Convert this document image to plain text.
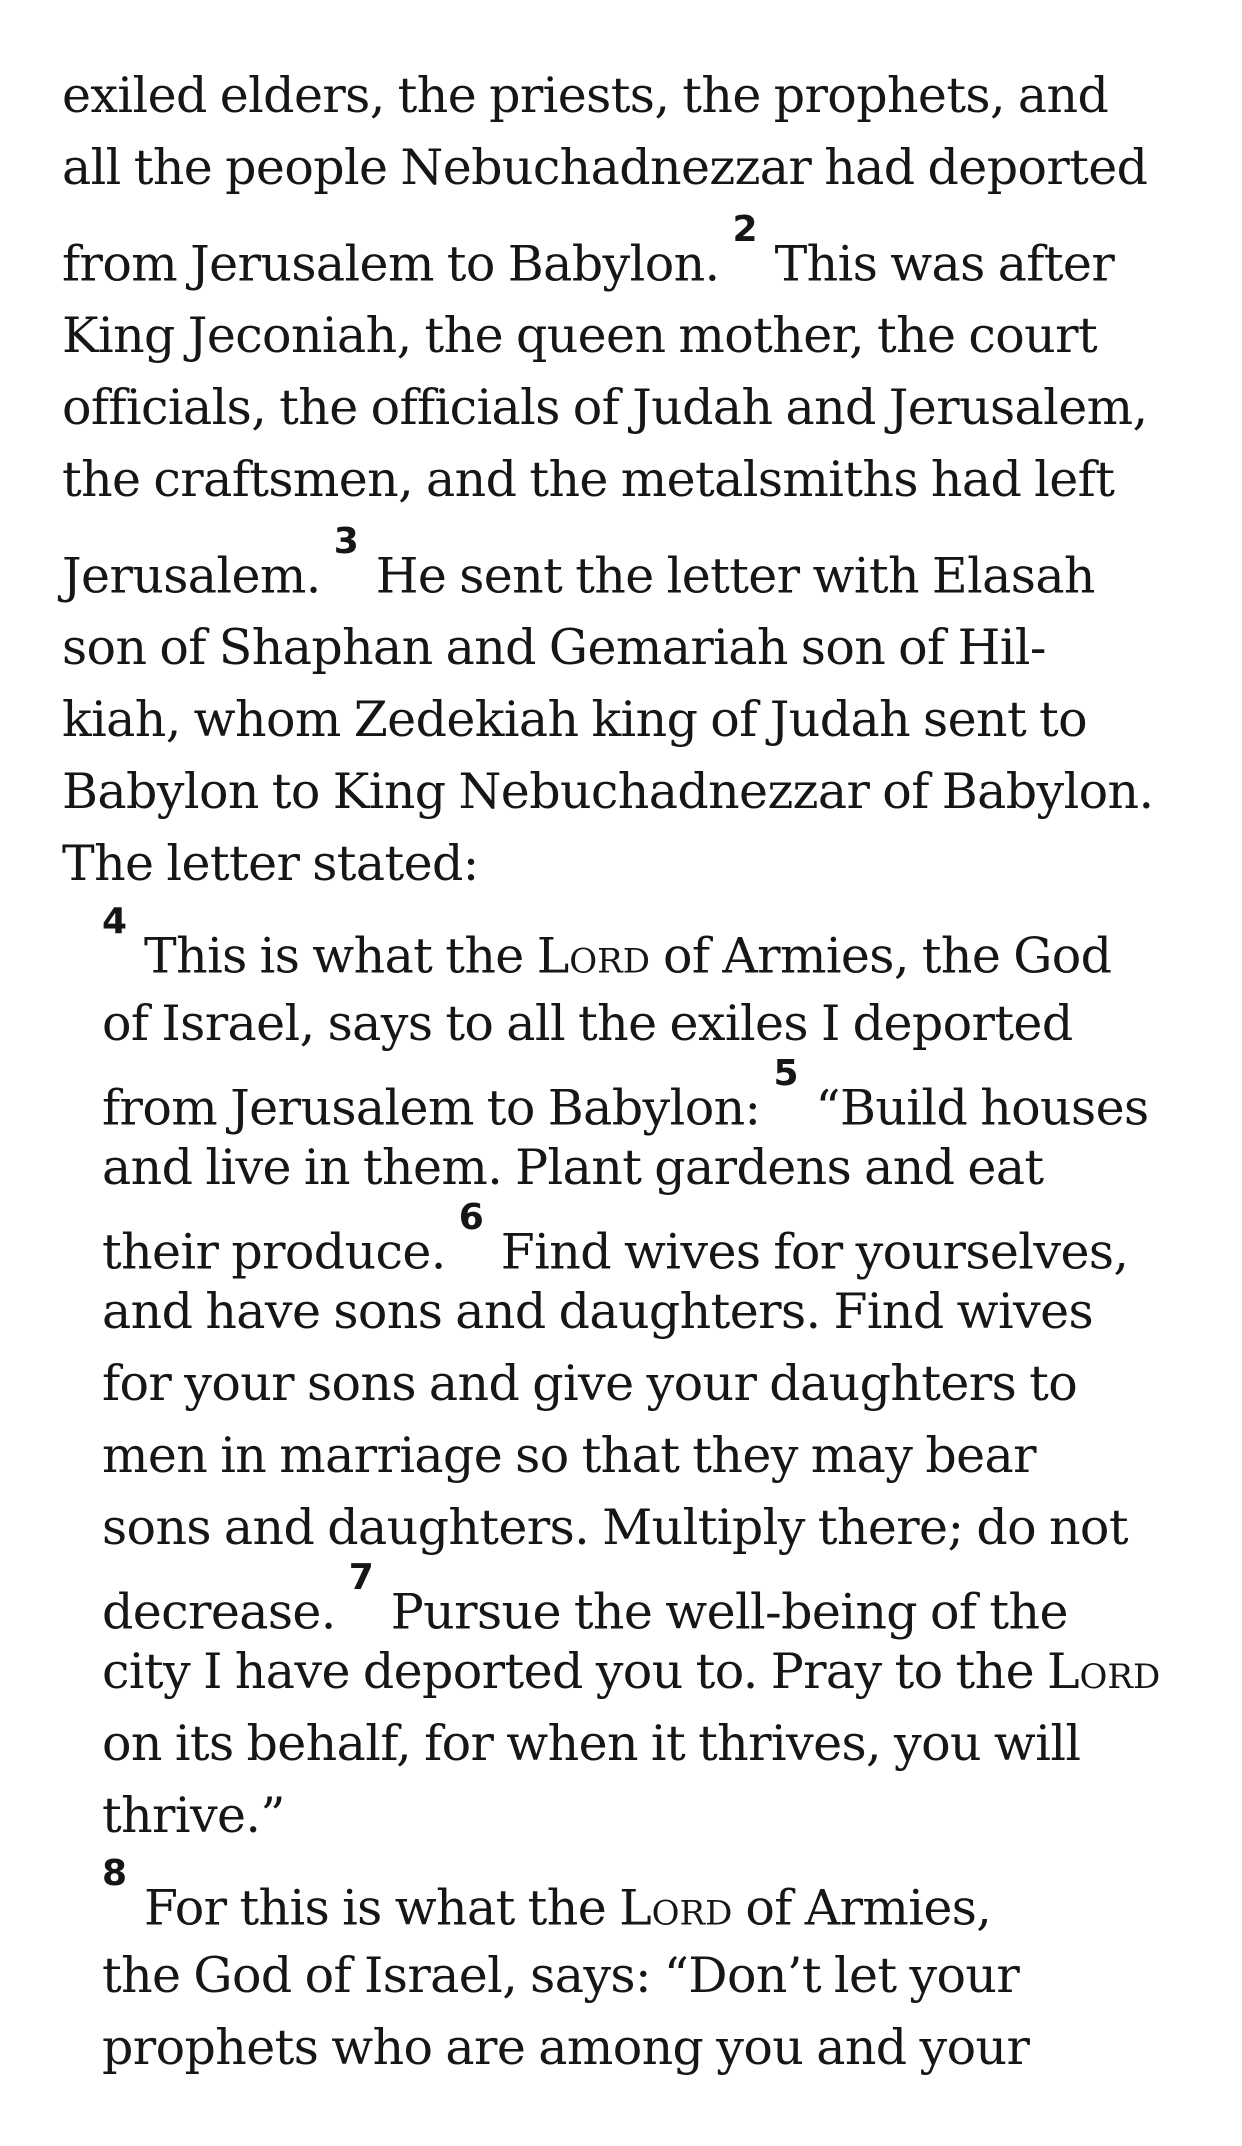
exiled elders, the priests, the prophets, and
all the people Nebuchadnezzar had deported
from Jerusalem to Babylon. $^2$ This was after
King Jeconiah, the queen mother, the court
officials, the officials of Judah and Jerusalem,
the craftsmen, and the metalsmiths had left
Jerusalem. $^3$ He sent the letter with Elasah
son of Shaphan and Gemariah son of Hil-
kiah, whom Zedekiah king of Judah sent to
Babylon to King Nebuchadnezzar of Babylon.
The letter stated:
$^4$ This is what the Lord of Armies, the God
of Israel, says to all the exiles I deported
from Jerusalem to Babylon: $^5$ “Build houses
and live in them. Plant gardens and eat
their produce. $^6$ Find wives for yourselves,
and have sons and daughters. Find wives
for your sons and give your daughters to
men in marriage so that they may bear
sons and daughters. Multiply there; do not
decrease. $^7$ Pursue the well-being of the
city I have deported you to. Pray to the Lord
on its behalf, for when it thrives, you will
thrive.”
$^8$ For this is what the Lord of Armies,
the God of Israel, says: “Don’t let your
prophets who are among you and your
